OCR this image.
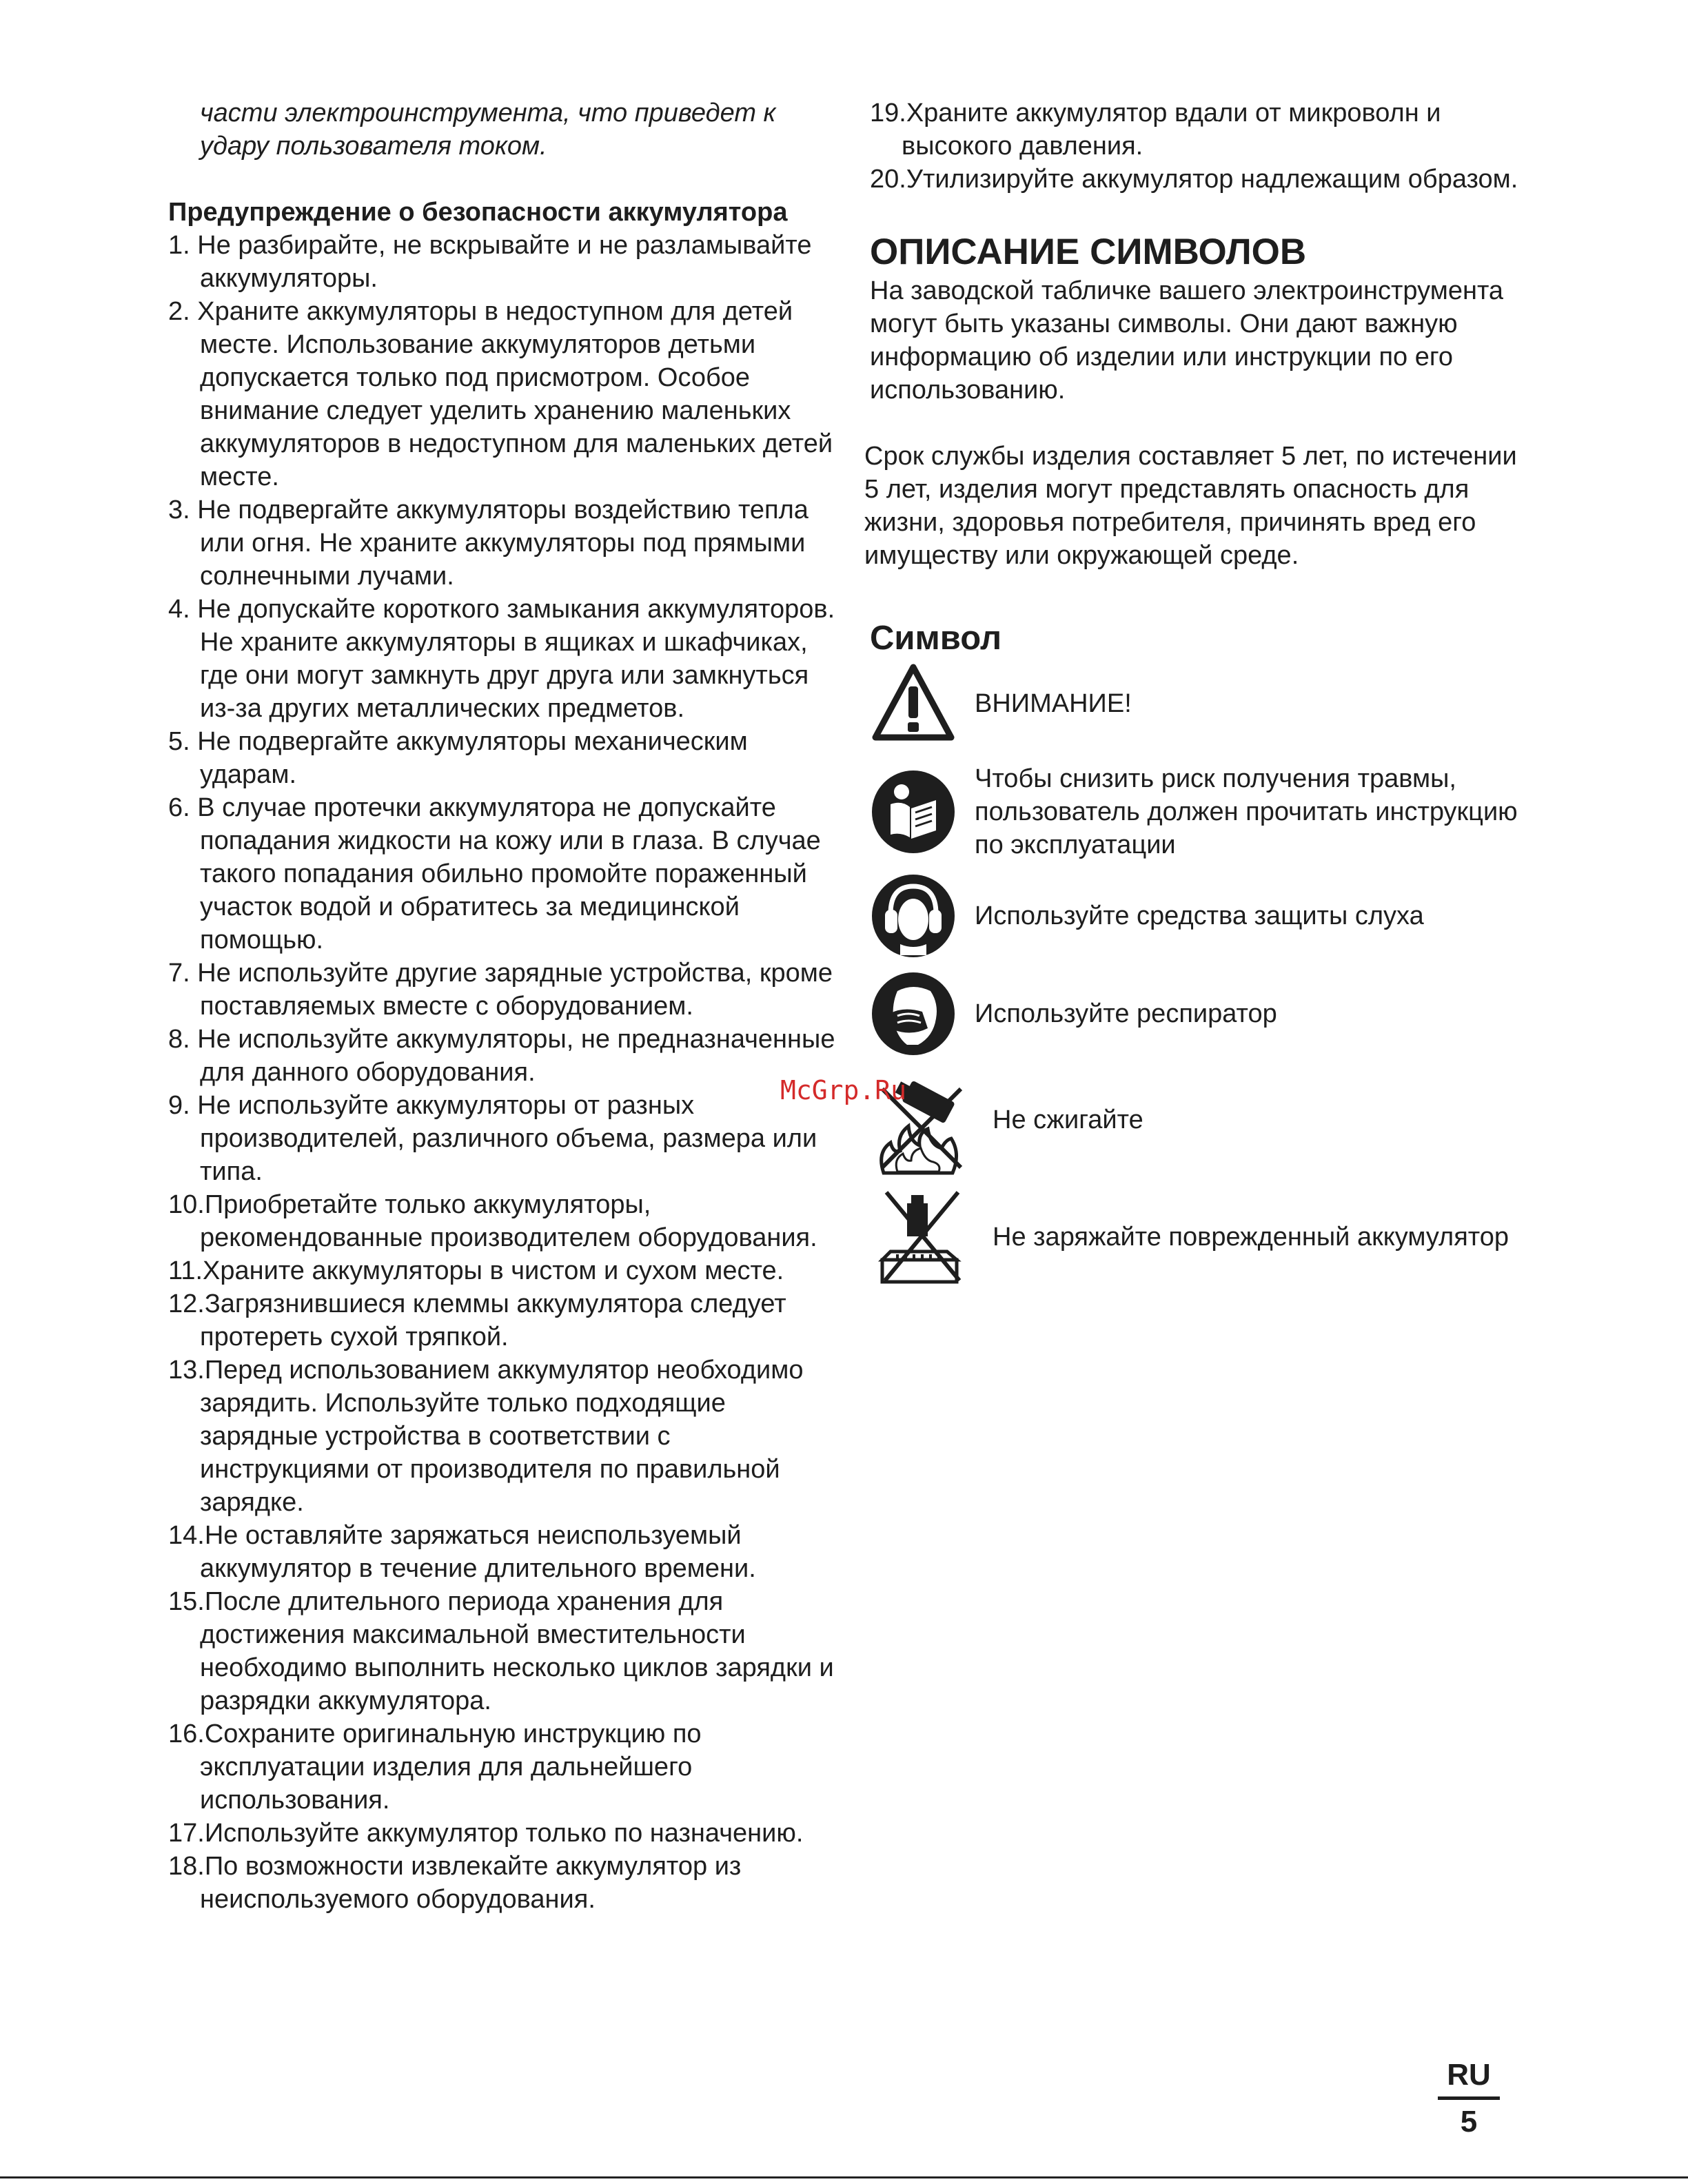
части электроинструмента, что приведет к

удару пользователя током.

Предупреждение о безопасности аккумулятора

1. Не разбирайте, не вскрывайте и не разламывайте аккумуляторы.
2. Храните аккумуляторы в недоступном для детей месте. Использование аккумуляторов детьми допускается только под присмотром. Особое внимание следует уделить хранению маленьких аккумуляторов в недоступном для маленьких детей месте.
3. Не подвергайте аккумуляторы воздействию тепла или огня. Не храните аккумуляторы под прямыми солнечными лучами.
4. Не допускайте короткого замыкания аккумуляторов. Не храните аккумуляторы в ящиках и шкафчиках, где они могут замкнуть друг друга или замкнуться из-за других металлических предметов.
5. Не подвергайте аккумуляторы механическим ударам.
6. В случае протечки аккумулятора не допускайте попадания жидкости на кожу или в глаза. В случае такого попадания обильно промойте пораженный участок водой и обратитесь за медицинской помощью.
7. Не используйте другие зарядные устройства, кроме поставляемых вместе с оборудованием.
8. Не используйте аккумуляторы, не предназначенные для данного оборудования.
9. Не используйте аккумуляторы от разных производителей, различного объема, размера или типа.
10.Приобретайте только аккумуляторы, рекомендованные производителем оборудования.
11.Храните аккумуляторы в чистом и сухом месте.
12.Загрязнившиеся клеммы аккумулятора следует протереть сухой тряпкой.
13.Перед использованием аккумулятор необходимо зарядить. Используйте только подходящие зарядные устройства в соответствии с инструкциями от производителя по правильной зарядке.
14.Не оставляйте заряжаться неиспользуемый аккумулятор в течение длительного времени.
15.После длительного периода хранения для достижения максимальной вместительности необходимо выполнить несколько циклов зарядки и разрядки аккумулятора.
16.Сохраните оригинальную инструкцию по эксплуатации изделия для дальнейшего использования.
17.Используйте аккумулятор только по назначению.
18.По возможности извлекайте аккумулятор из неиспользуемого оборудования.
19.Храните аккумулятор вдали от микроволн и высокого давления.
20.Утилизируйте аккумулятор надлежащим образом.
ОПИСАНИЕ СИМВОЛОВ

На заводской табличке вашего электроинструмента могут быть указаны символы. Они дают важную информацию об изделии или инструкции по его использованию.

Срок службы изделия составляет 5 лет, по истечении 5 лет, изделия могут представлять опасность для жизни, здоровья потребителя, причинять вред его имуществу или окружающей среде.

Символ
ВНИМАНИЕ!
Чтобы снизить риск получения травмы, пользователь должен прочитать инструкцию по эксплуатации
Используйте средства защиты слуха
Используйте респиратор
Не сжигайте
Не заряжайте поврежденный аккумулятор
McGrp.Ru
RU
5
